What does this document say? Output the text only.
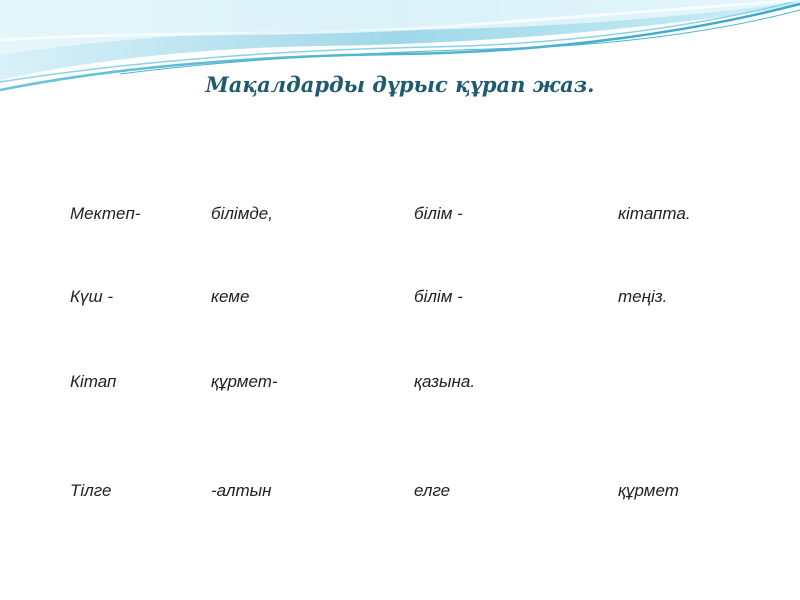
Мақалдарды дұрыс құрап жаз.
Мектеп-	білімде,	білім -	кітапта.
Күш -	кеме	білім -	теңіз.
Кітап	құрмет-	қазына.
Тілге	-алтын	елге	құрмет
